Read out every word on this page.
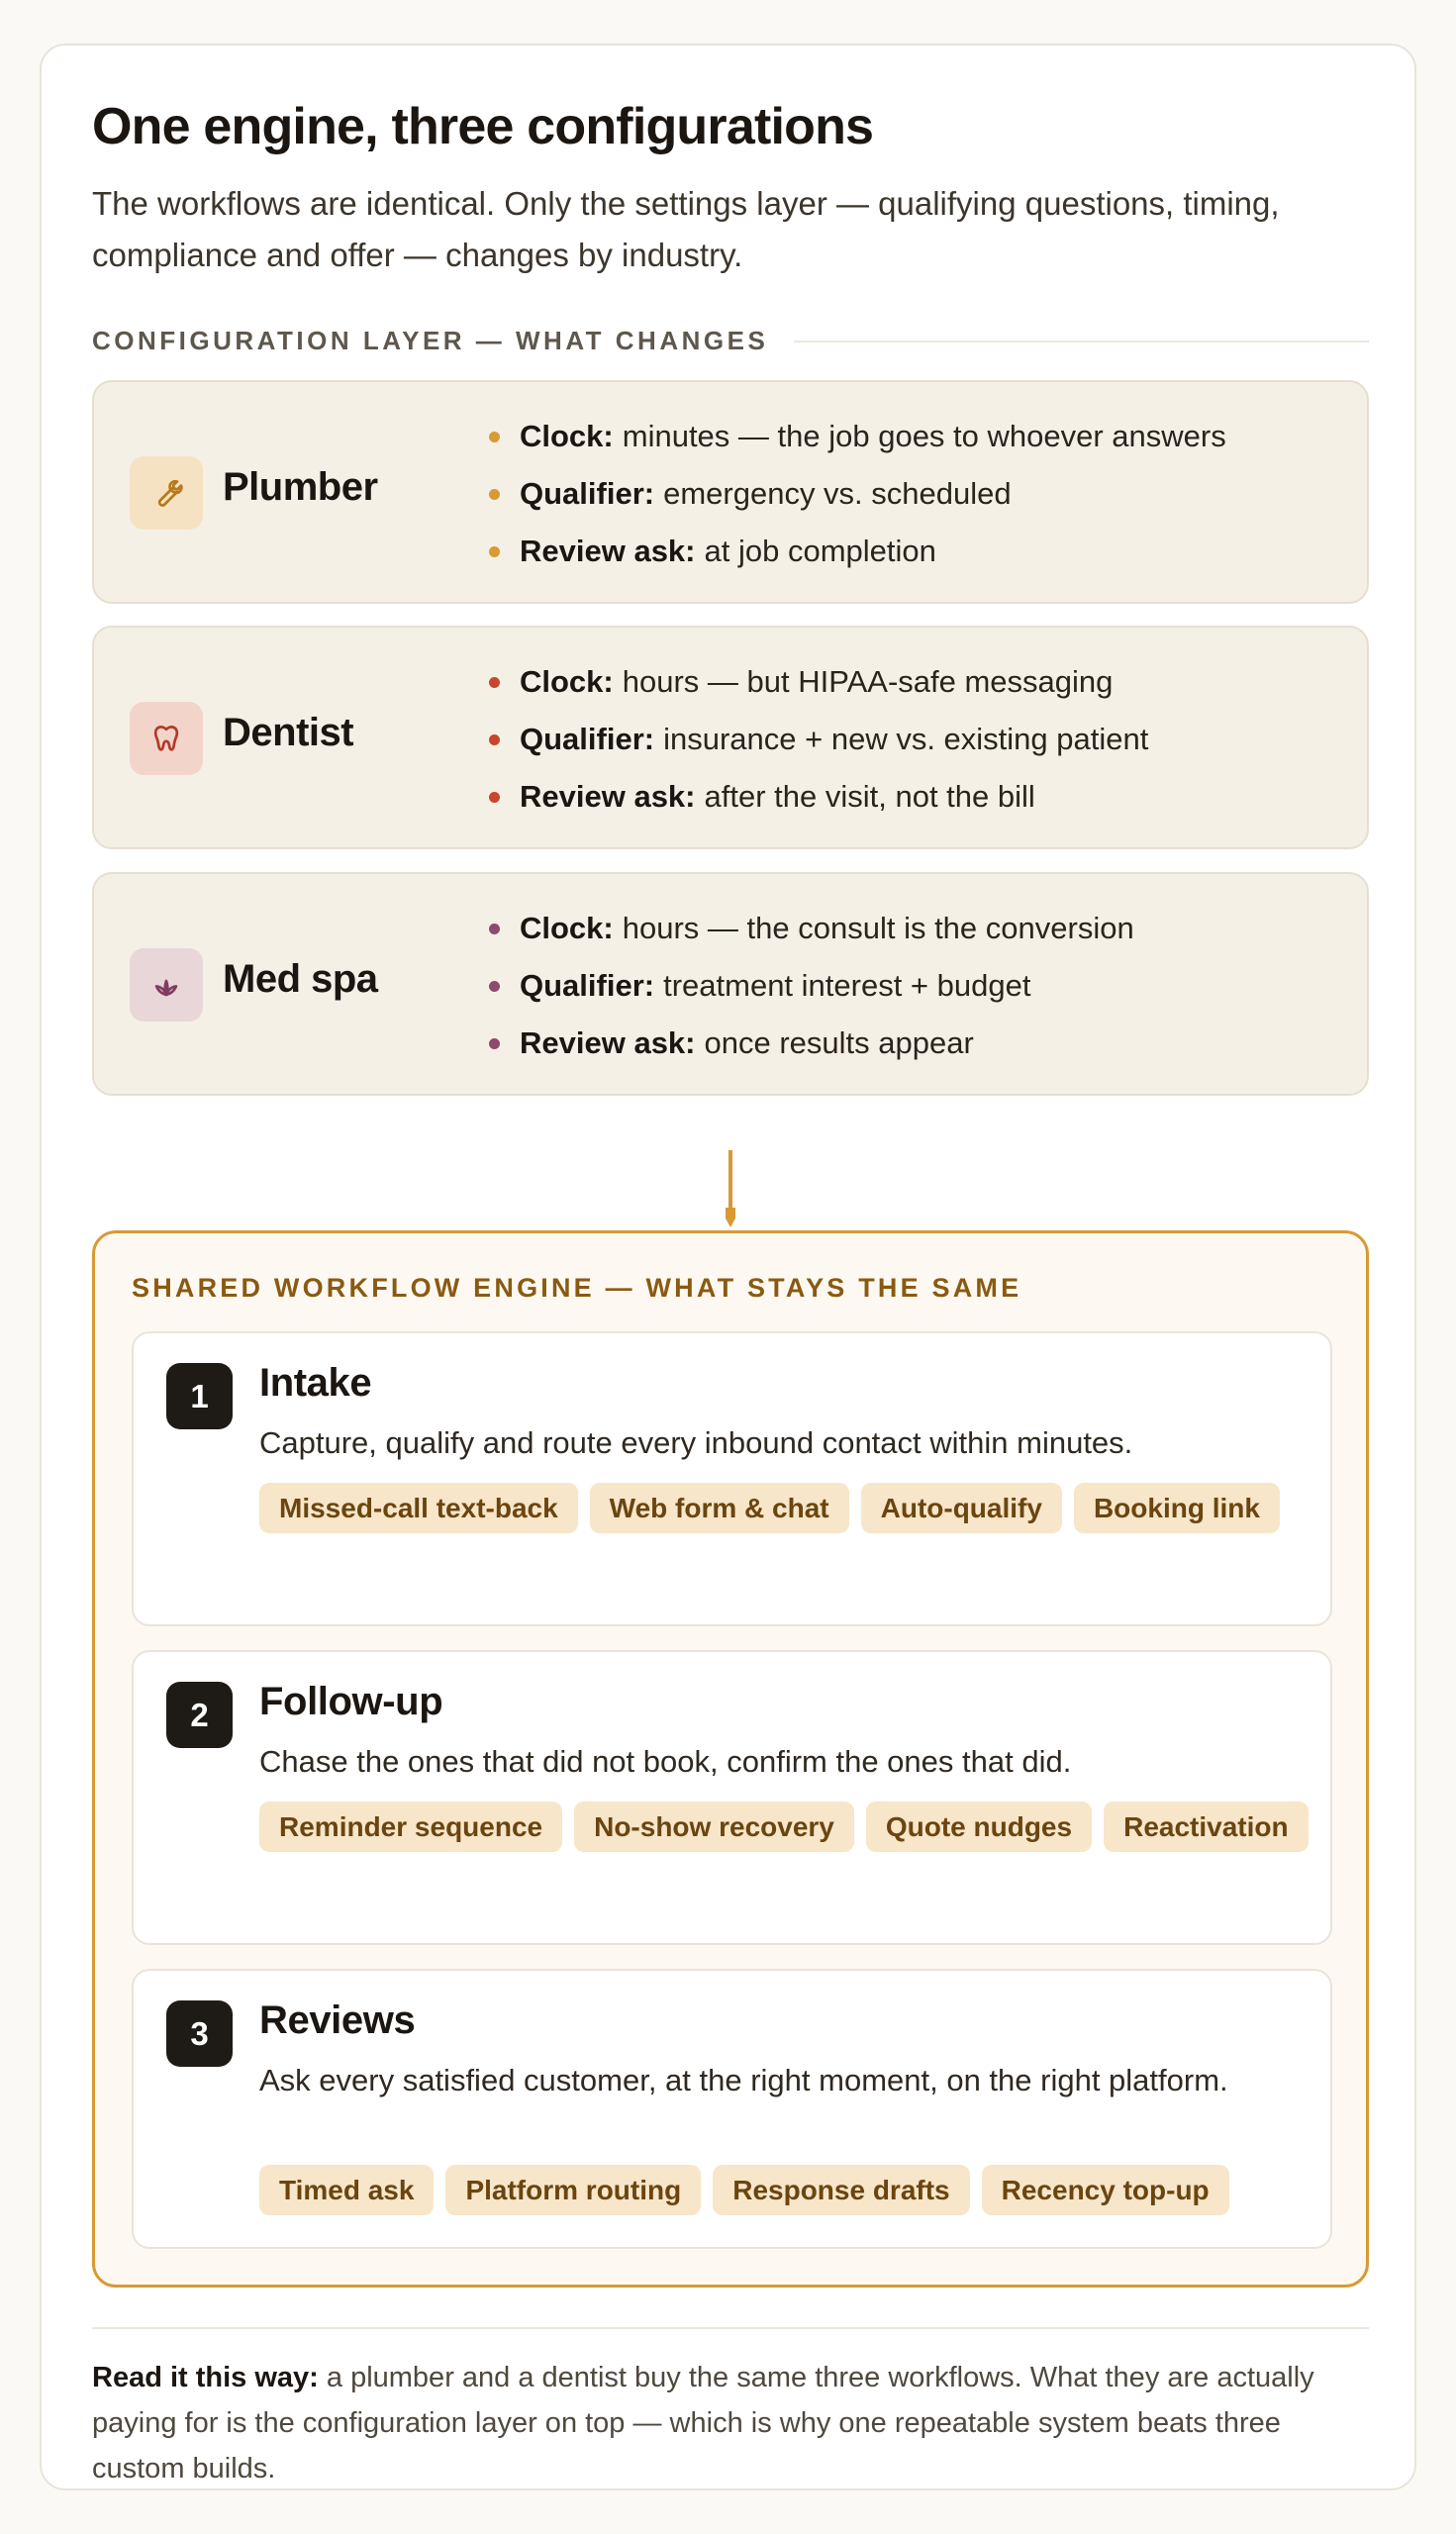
One engine, three configurations

The workflows are identical. Only the settings layer — qualifying questions, timing, compliance and offer — changes by industry.

CONFIGURATION LAYER — WHAT CHANGES
Plumber
Clock: minutes — the job goes to whoever answers
Qualifier: emergency vs. scheduled
Review ask: at job completion
Dentist
Clock: hours — but HIPAA-safe messaging
Qualifier: insurance + new vs. existing patient
Review ask: after the visit, not the bill
Med spa
Clock: hours — the consult is the conversion
Qualifier: treatment interest + budget
Review ask: once results appear
SHARED WORKFLOW ENGINE — WHAT STAYS THE SAME
1	Intake
Capture, qualify and route every inbound contact within minutes.
Missed-call text-back	Web form & chat	Auto-qualify	Booking link
2	Follow-up
Chase the ones that did not book, confirm the ones that did.
Reminder sequence	No-show recovery	Quote nudges	Reactivation
3	Reviews
Ask every satisfied customer, at the right moment, on the right platform.
Timed ask	Platform routing	Response drafts	Recency top-up

Read it this way: a plumber and a dentist buy the same three workflows. What they are actually paying for is the configuration layer on top — which is why one repeatable system beats three custom builds.
